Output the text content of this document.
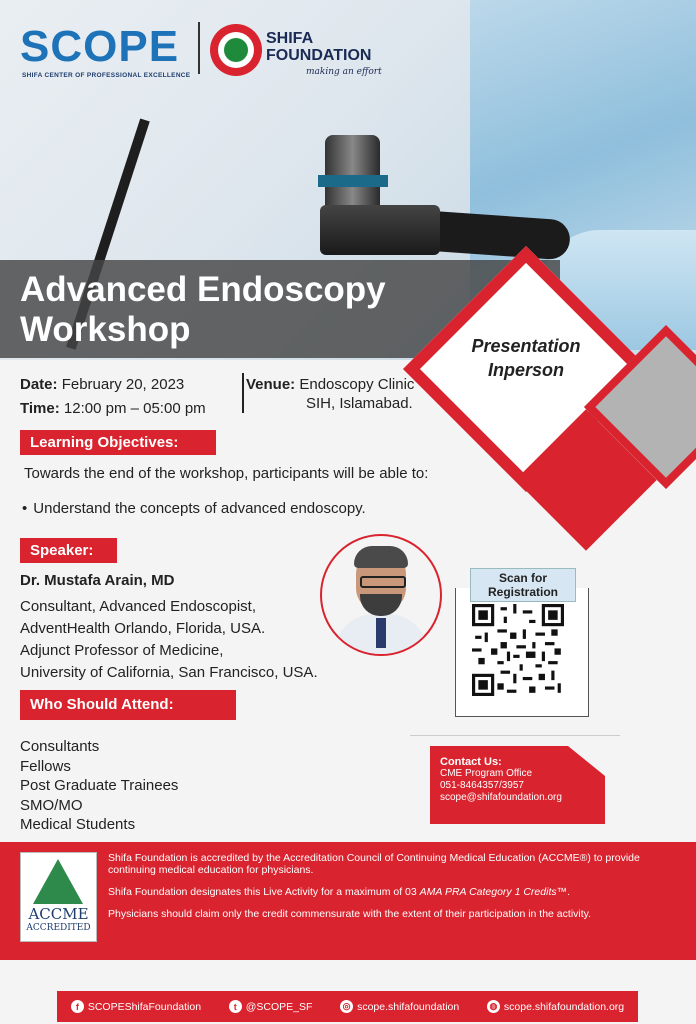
SCOPE
SHIFA CENTER OF PROFESSIONAL EXCELLENCE
SHIFA
FOUNDATION
making an effort
Advanced Endoscopy Workshop	Presentation Inperson
Date: February 20, 2023
Time: 12:00 pm – 05:00 pm
Venue: Endoscopy Clinic
SIH, Islamabad.
Learning Objectives:
Towards the end of the workshop, participants will be able to:
• Understand the concepts of advanced endoscopy.
Speaker:
Dr. Mustafa Arain, MD
Consultant, Advanced Endoscopist,
AdventHealth Orlando, Florida, USA.
Adjunct Professor of Medicine,
University of California, San Francisco, USA.
Scan for Registration
Who Should Attend:
Consultants
Fellows
Post Graduate Trainees
SMO/MO
Medical Students
Contact Us:
CME Program Office
051-8464357/3957
scope@shifafoundation.org
ACCME
ACCREDITED

Shifa Foundation is accredited by the Accreditation Council of Continuing Medical Education (ACCME®) to provide continuing medical education for physicians.

Shifa Foundation designates this Live Activity for a maximum of 03 AMA PRA Category 1 Credits™.

Physicians should claim only the credit commensurate with the extent of their participation in the activity.

f SCOPEShifaFoundation	t @SCOPE_SF	◎ scope.shifafoundation	◍ scope.shifafoundation.org
